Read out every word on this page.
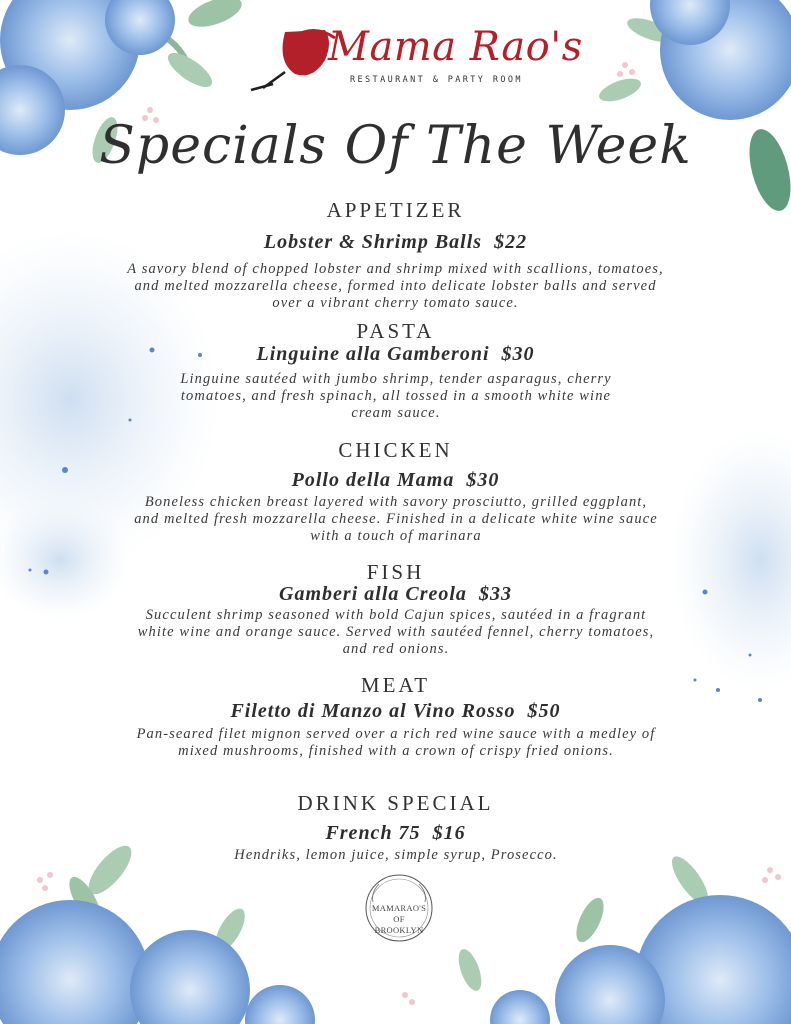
Mama Rao's
RESTAURANT & PARTY ROOM
Specials Of The Week
APPETIZER
Lobster & Shrimp Balls $22
A savory blend of chopped lobster and shrimp mixed with scallions, tomatoes, and melted mozzarella cheese, formed into delicate lobster balls and served over a vibrant cherry tomato sauce.
PASTA
Linguine alla Gamberoni $30
Linguine sautéed with jumbo shrimp, tender asparagus, cherry tomatoes, and fresh spinach, all tossed in a smooth white wine cream sauce.
CHICKEN
Pollo della Mama $30
Boneless chicken breast layered with savory prosciutto, grilled eggplant, and melted fresh mozzarella cheese. Finished in a delicate white wine sauce with a touch of marinara
FISH
Gamberi alla Creola $33
Succulent shrimp seasoned with bold Cajun spices, sautéed in a fragrant white wine and orange sauce. Served with sautéed fennel, cherry tomatoes, and red onions.
MEAT
Filetto di Manzo al Vino Rosso $50
Pan-seared filet mignon served over a rich red wine sauce with a medley of mixed mushrooms, finished with a crown of crispy fried onions.
DRINK SPECIAL
French 75 $16
Hendriks, lemon juice, simple syrup, Prosecco.
MAMARAO'S
OF
BROOKLYN
